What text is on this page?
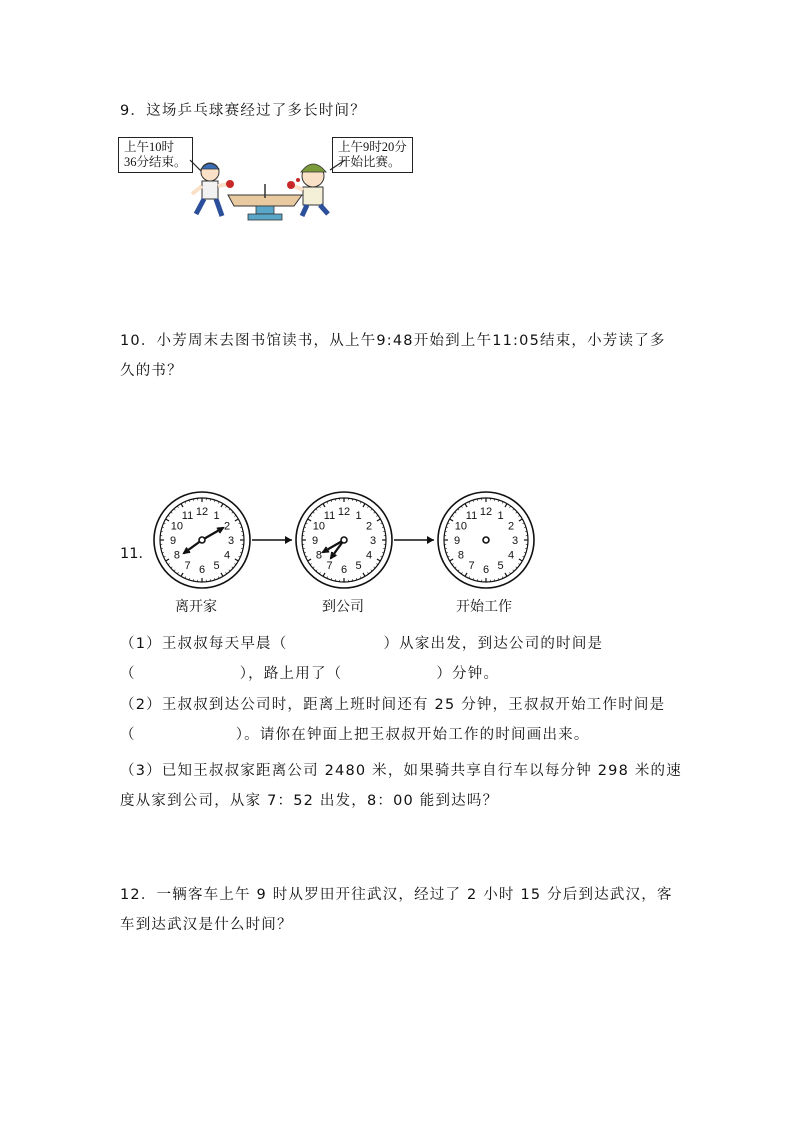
9．这场乒乓球赛经过了多长时间？
上午10时
36分结束。
上午9时20分
开始比赛。
10．小芳周末去图书馆读书，从上午9:48开始到上午11:05结束，小芳读了多久的书？
11．
12 1
2
3
4
5
6
7
8
9
10
11	12 1
2
3
4
5
6
7
8
9
10
11	12 1
2
3
4
5
6
7
8
9
10
11
离开家	到公司	开始工作
（1）王叔叔每天早晨（	）从家出发，到达公司的时间是
（	），路上用了（	）分钟。
（2）王叔叔到达公司时，距离上班时间还有 25 分钟，王叔叔开始工作时间是
（	）。请你在钟面上把王叔叔开始工作的时间画出来。
（3）已知王叔叔家距离公司 2480 米，如果骑共享自行车以每分钟 298 米的速
度从家到公司，从家 7：52 出发，8：00 能到达吗？
12．一辆客车上午 9 时从罗田开往武汉，经过了 2 小时 15 分后到达武汉，客车到达武汉是什么时间？
